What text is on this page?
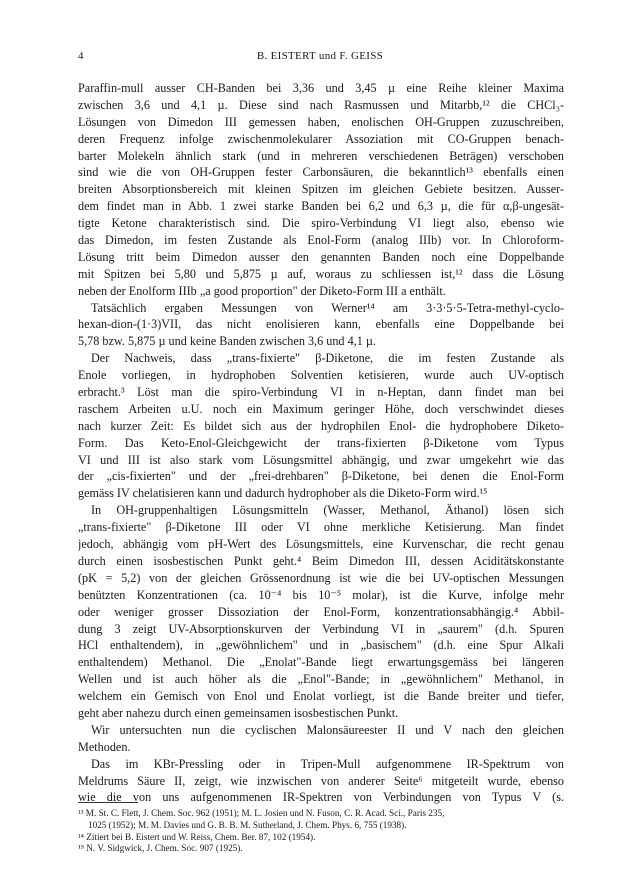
4	B. EISTERT und F. GEISS
Paraffin-mull ausser CH-Banden bei 3,36 und 3,45 µ eine Reihe kleiner Maxima
zwischen 3,6 und 4,1 µ. Diese sind nach Rasmussen und Mitarbb,¹² die CHCl₃-
Lösungen von Dimedon III gemessen haben, enolischen OH-Gruppen zuzuschreiben,
deren Frequenz infolge zwischenmolekularer Assoziation mit CO-Gruppen benach-
barter Molekeln ähnlich stark (und in mehreren verschiedenen Beträgen) verschoben
sind wie die von OH-Gruppen fester Carbonsäuren, die bekanntlich¹³ ebenfalls einen
breiten Absorptionsbereich mit kleinen Spitzen im gleichen Gebiete besitzen. Ausser-
dem findet man in Abb. 1 zwei starke Banden bei 6,2 und 6,3 µ, die für α,β-ungesät-
tigte Ketone charakteristisch sind. Die spiro-Verbindung VI liegt also, ebenso wie
das Dimedon, im festen Zustande als Enol-Form (analog IIIb) vor. In Chloroform-
Lösung tritt beim Dimedon ausser den genannten Banden noch eine Doppelbande
mit Spitzen bei 5,80 und 5,875 µ auf, woraus zu schliessen ist,¹² dass die Lösung
neben der Enolform IIIb „a good proportion" der Diketo-Form III a enthält.
Tatsächlich ergaben Messungen von Werner¹⁴ am 3·3·5·5-Tetra-methyl-cyclo-
hexan-dion-(1·3)VII, das nicht enolisieren kann, ebenfalls eine Doppelbande bei
5,78 bzw. 5,875 µ und keine Banden zwischen 3,6 und 4,1 µ.
Der Nachweis, dass „trans-fixierte" β-Diketone, die im festen Zustande als
Enole vorliegen, in hydrophoben Solventien ketisieren, wurde auch UV-optisch
erbracht.³ Löst man die spiro-Verbindung VI in n-Heptan, dann findet man bei
raschem Arbeiten u.U. noch ein Maximum geringer Höhe, doch verschwindet dieses
nach kurzer Zeit: Es bildet sich aus der hydrophilen Enol- die hydrophobere Diketo-
Form. Das Keto-Enol-Gleichgewicht der trans-fixierten β-Diketone vom Typus
VI und III ist also stark vom Lösungsmittel abhängig, und zwar umgekehrt wie das
der „cis-fixierten" und der „frei-drehbaren" β-Diketone, bei denen die Enol-Form
gemäss IV chelatisieren kann und dadurch hydrophober als die Diketo-Form wird.¹⁵
In OH-gruppenhaltigen Lösungsmitteln (Wasser, Methanol, Äthanol) lösen sich
„trans-fixierte" β-Diketone III oder VI ohne merkliche Ketisierung. Man findet
jedoch, abhängig vom pH-Wert des Lösungsmittels, eine Kurvenschar, die recht genau
durch einen isosbestischen Punkt geht.⁴ Beim Dimedon III, dessen Aciditätskonstante
(pK = 5,2) von der gleichen Grössenordnung ist wie die bei UV-optischen Messungen
benützten Konzentrationen (ca. 10⁻⁴ bis 10⁻⁵ molar), ist die Kurve, infolge mehr
oder weniger grosser Dissoziation der Enol-Form, konzentrationsabhängig.⁴ Abbil-
dung 3 zeigt UV-Absorptionskurven der Verbindung VI in „saurem" (d.h. Spuren
HCl enthaltendem), in „gewöhnlichem" und in „basischem" (d.h. eine Spur Alkali
enthaltendem) Methanol. Die „Enolat"-Bande liegt erwartungsgemäss bei längeren
Wellen und ist auch höher als die „Enol"-Bande; in „gewöhnlichem" Methanol, in
welchem ein Gemisch von Enol und Enolat vorliegt, ist die Bande breiter und tiefer,
geht aber nahezu durch einen gemeinsamen isosbestischen Punkt.
Wir untersuchten nun die cyclischen Malonsäureester II und V nach den gleichen
Methoden.
Das im KBr-Pressling oder in Tripen-Mull aufgenommene IR-Spektrum von
Meldrums Säure II, zeigt, wie inzwischen von anderer Seite⁶ mitgeteilt wurde, ebenso
wie die von uns aufgenommenen IR-Spektren von Verbindungen von Typus V (s.
¹³ M. St. C. Flett, J. Chem. Soc. 962 (1951); M. L. Josien und N. Fuson, C. R. Acad. Sci., Paris 235,
1025 (1952); M. M. Davies und G. B. B. M. Sutherland, J. Chem. Phys. 6, 755 (1938).
¹⁴ Zitiert bei B. Eistert und W. Reiss, Chem. Ber. 87, 102 (1954).
¹⁵ N. V. Sidgwick, J. Chem. Soc. 907 (1925).
